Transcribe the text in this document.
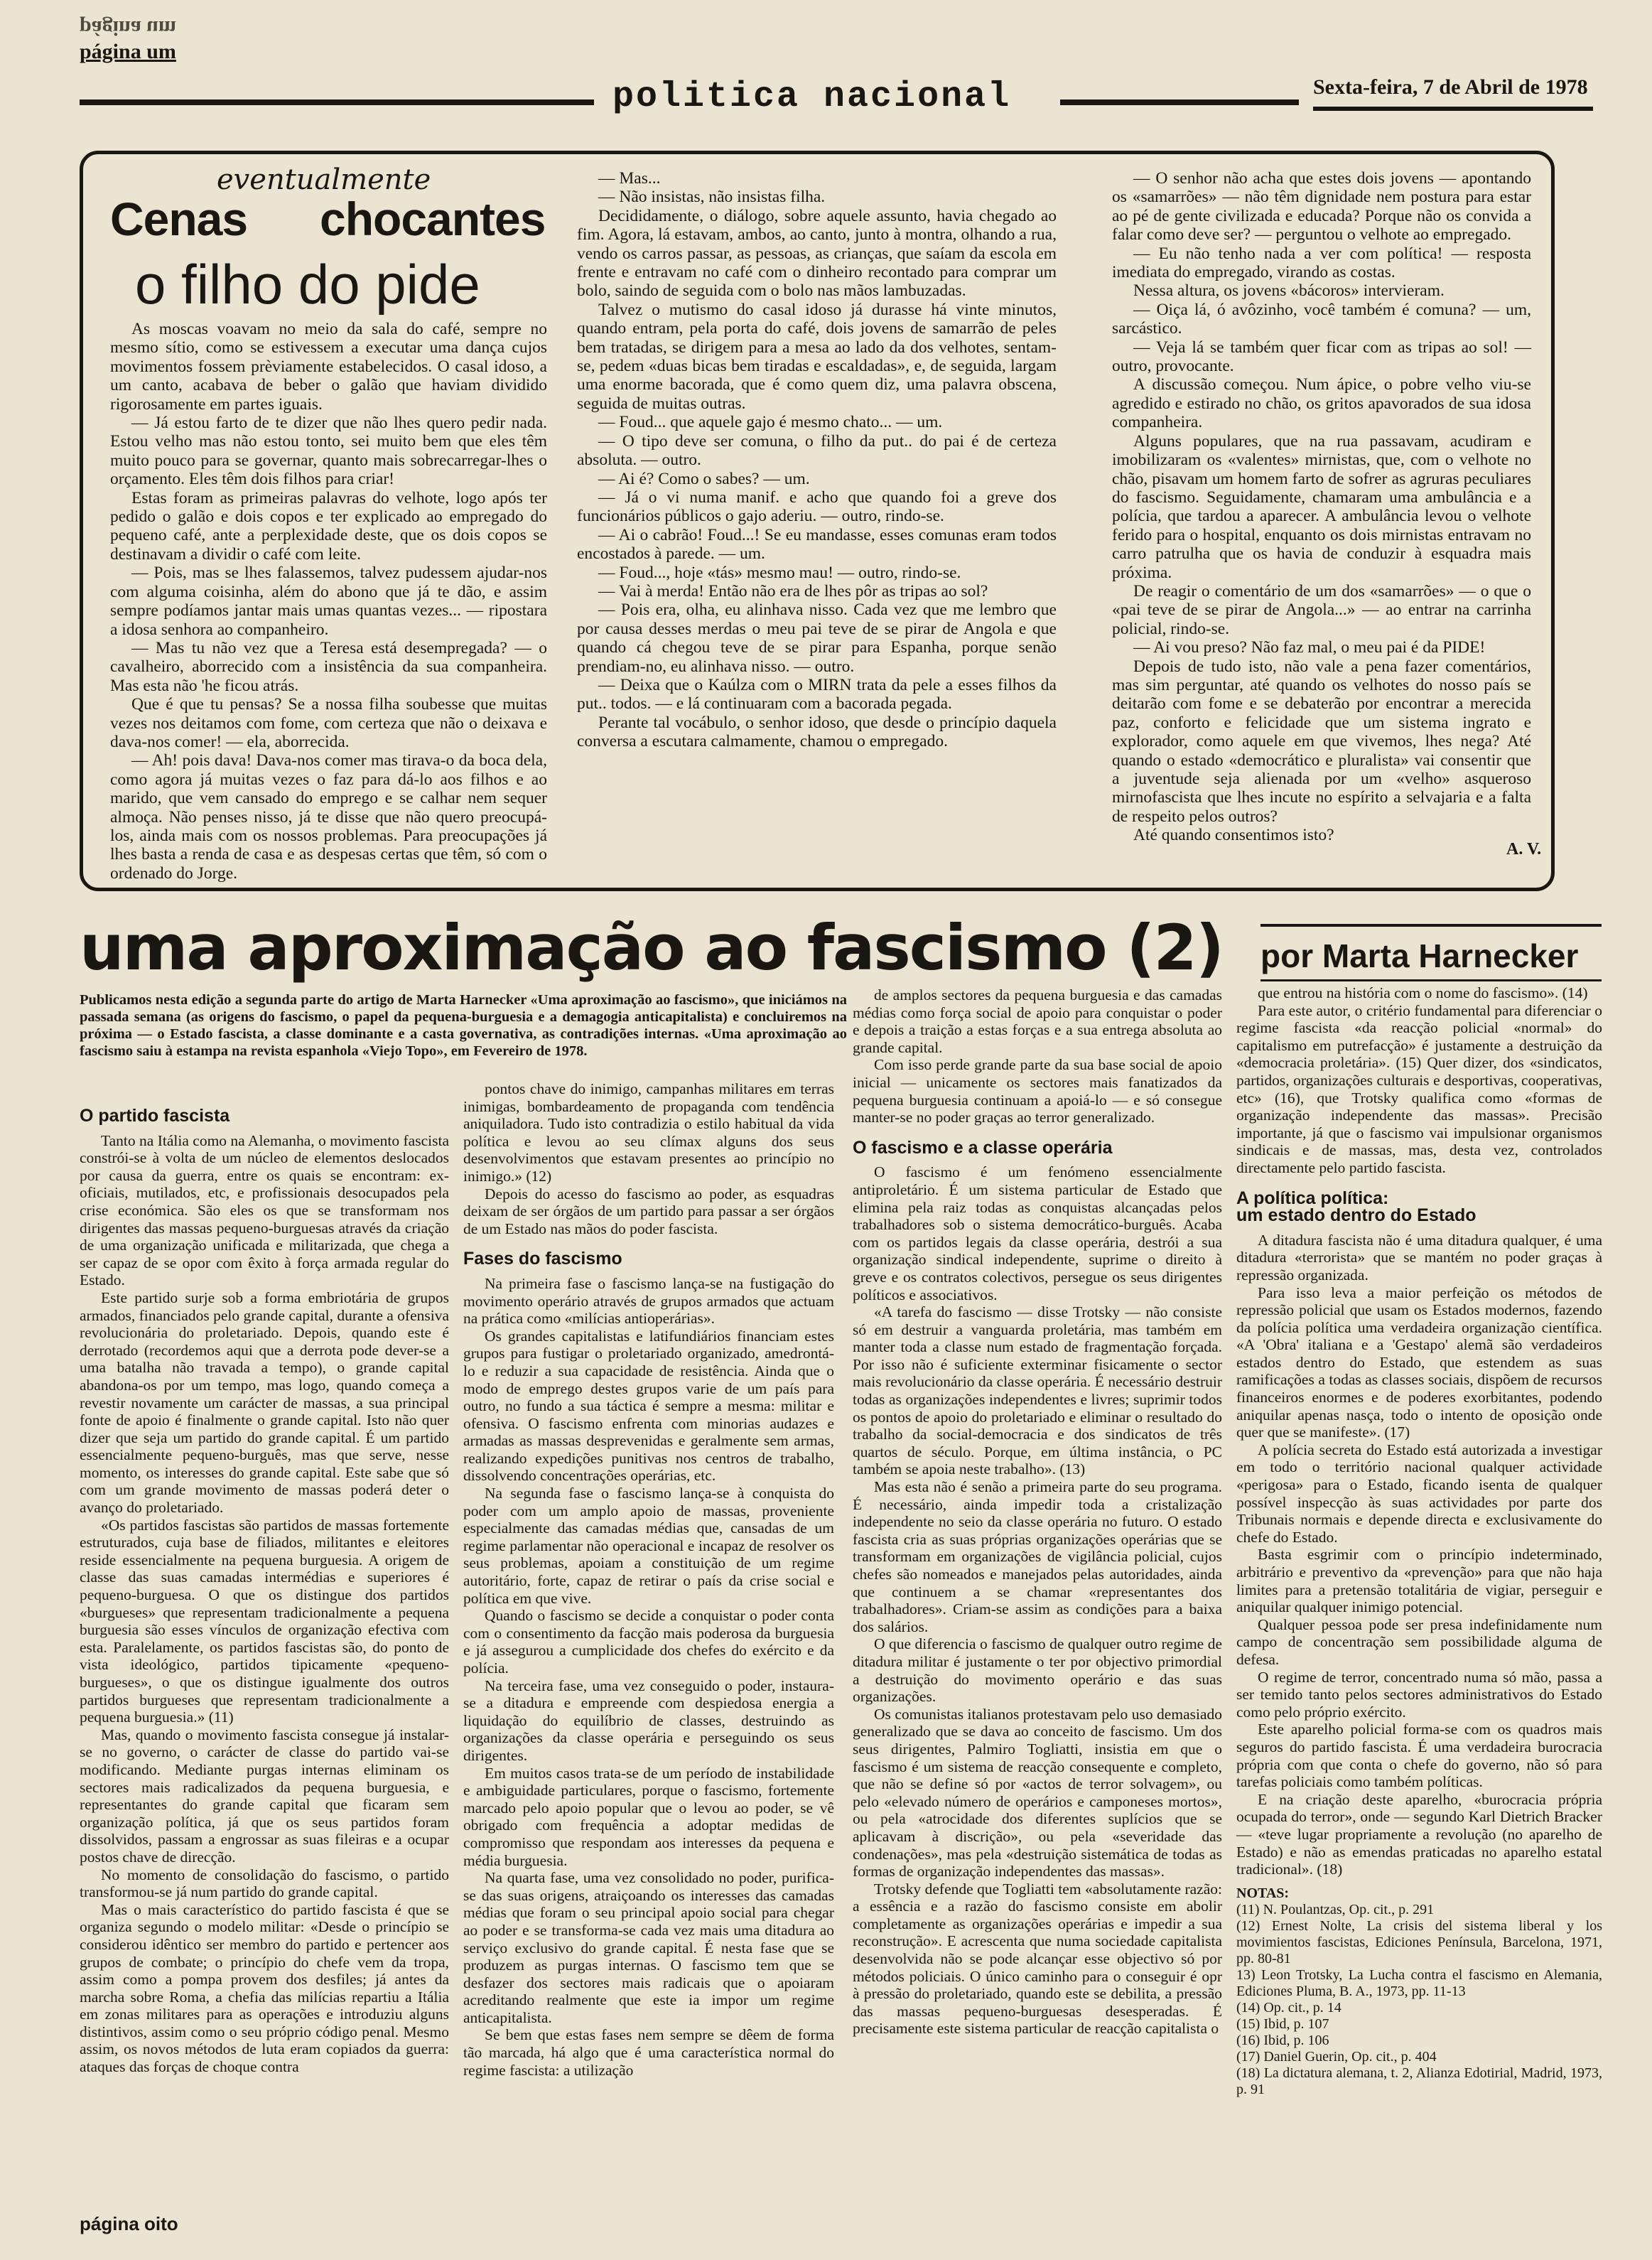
página um
página um
politica nacional	Sexta-feira, 7 de Abril de 1978
eventualmente
Cenas chocantes
o filho do pide

As moscas voavam no meio da sala do café, sempre no mesmo sítio, como se estivessem a executar uma dança cujos movimentos fossem prèviamente estabelecidos. O casal idoso, a um canto, acabava de beber o galão que haviam dividido rigorosamente em partes iguais.

— Já estou farto de te dizer que não lhes quero pedir nada. Estou velho mas não estou tonto, sei muito bem que eles têm muito pouco para se governar, quanto mais sobrecarregar-lhes o orçamento. Eles têm dois filhos para criar!

Estas foram as primeiras palavras do velhote, logo após ter pedido o galão e dois copos e ter explicado ao empregado do pequeno café, ante a perplexidade deste, que os dois copos se destinavam a dividir o café com leite.

— Pois, mas se lhes falassemos, talvez pudessem ajudar-nos com alguma coisinha, além do abono que já te dão, e assim sempre podíamos jantar mais umas quantas vezes... — ripostara a idosa senhora ao companheiro.

— Mas tu não vez que a Teresa está desempregada? — o cavalheiro, aborrecido com a insistência da sua companheira. Mas esta não 'he ficou atrás.

Que é que tu pensas? Se a nossa filha soubesse que muitas vezes nos deitamos com fome, com certeza que não o deixava e dava-nos comer! — ela, aborrecida.

— Ah! pois dava! Dava-nos comer mas tirava-o da boca dela, como agora já muitas vezes o faz para dá-lo aos filhos e ao marido, que vem cansado do emprego e se calhar nem sequer almoça. Não penses nisso, já te disse que não quero preocupá-los, ainda mais com os nossos problemas. Para preocupações já lhes basta a renda de casa e as despesas certas que têm, só com o ordenado do Jorge.

— Mas...

— Não insistas, não insistas filha.

Decididamente, o diálogo, sobre aquele assunto, havia chegado ao fim. Agora, lá estavam, ambos, ao canto, junto à montra, olhando a rua, vendo os carros passar, as pessoas, as crianças, que saíam da escola em frente e entravam no café com o dinheiro recontado para comprar um bolo, saindo de seguida com o bolo nas mãos lambuzadas.

Talvez o mutismo do casal idoso já durasse há vinte minutos, quando entram, pela porta do café, dois jovens de samarrão de peles bem tratadas, se dirigem para a mesa ao lado da dos velhotes, sentam-se, pedem «duas bicas bem tiradas e escaldadas», e, de seguida, largam uma enorme bacorada, que é como quem diz, uma palavra obscena, seguida de muitas outras.

— Foud... que aquele gajo é mesmo chato... — um.

— O tipo deve ser comuna, o filho da put.. do pai é de certeza absoluta. — outro.

— Ai é? Como o sabes? — um.

— Já o vi numa manif. e acho que quando foi a greve dos funcionários públicos o gajo aderiu. — outro, rindo-se.

— Ai o cabrão! Foud...! Se eu mandasse, esses comunas eram todos encostados à parede. — um.

— Foud..., hoje «tás» mesmo mau! — outro, rindo-se.

— Vai à merda! Então não era de lhes pôr as tripas ao sol?

— Pois era, olha, eu alinhava nisso. Cada vez que me lembro que por causa desses merdas o meu pai teve de se pirar de Angola e que quando cá chegou teve de se pirar para Espanha, porque senão prendiam-no, eu alinhava nisso. — outro.

— Deixa que o Kaúlza com o MIRN trata da pele a esses filhos da put.. todos. — e lá continuaram com a bacorada pegada.

Perante tal vocábulo, o senhor idoso, que desde o princípio daquela conversa a escutara calmamente, chamou o empregado.

— O senhor não acha que estes dois jovens — apontando os «samarrões» — não têm dignidade nem postura para estar ao pé de gente civilizada e educada? Porque não os convida a falar como deve ser? — perguntou o velhote ao empregado.

— Eu não tenho nada a ver com política! — resposta imediata do empregado, virando as costas.

Nessa altura, os jovens «bácoros» intervieram.

— Oiça lá, ó avôzinho, você também é comuna? — um, sarcástico.

— Veja lá se também quer ficar com as tripas ao sol! — outro, provocante.

A discussão começou. Num ápice, o pobre velho viu-se agredido e estirado no chão, os gritos apavorados de sua idosa companheira.

Alguns populares, que na rua passavam, acudiram e imobilizaram os «valentes» mirnistas, que, com o velhote no chão, pisavam um homem farto de sofrer as agruras peculiares do fascismo. Seguidamente, chamaram uma ambulância e a polícia, que tardou a aparecer. A ambulância levou o velhote ferido para o hospital, enquanto os dois mirnistas entravam no carro patrulha que os havia de conduzir à esquadra mais próxima.

De reagir o comentário de um dos «samarrões» — o que o «pai teve de se pirar de Angola...» — ao entrar na carrinha policial, rindo-se.

— Ai vou preso? Não faz mal, o meu pai é da PIDE!

Depois de tudo isto, não vale a pena fazer comentários, mas sim perguntar, até quando os velhotes do nosso país se deitarão com fome e se debaterão por encontrar a merecida paz, conforto e felicidade que um sistema ingrato e explorador, como aquele em que vivemos, lhes nega? Até quando o estado «democrático e pluralista» vai consentir que a juventude seja alienada por um «velho» asqueroso mirnofascista que lhes incute no espírito a selvajaria e a falta de respeito pelos outros?

Até quando consentimos isto?

A. V.
uma aproximação ao fascismo (2) por Marta Harnecker
Publicamos nesta edição a segunda parte do artigo de Marta Harnecker «Uma aproximação ao fascismo», que iniciámos na passada semana (as origens do fascismo, o papel da pequena-burguesia e a demagogia anticapitalista) e concluiremos na próxima — o Estado fascista, a classe dominante e a casta governativa, as contradições internas. «Uma aproximação ao fascismo saiu à estampa na revista espanhola «Viejo Topo», em Fevereiro de 1978.
O partido fascista

Tanto na Itália como na Alemanha, o movimento fascista constrói-se à volta de um núcleo de elementos deslocados por causa da guerra, entre os quais se encontram: ex-oficiais, mutilados, etc, e profissionais desocupados pela crise económica. São eles os que se transformam nos dirigentes das massas pequeno-burguesas através da criação de uma organização unificada e militarizada, que chega a ser capaz de se opor com êxito à força armada regular do Estado.

Este partido surje sob a forma embriotária de grupos armados, financiados pelo grande capital, durante a ofensiva revolucionária do proletariado. Depois, quando este é derrotado (recordemos aqui que a derrota pode dever-se a uma batalha não travada a tempo), o grande capital abandona-os por um tempo, mas logo, quando começa a revestir novamente um carácter de massas, a sua principal fonte de apoio é finalmente o grande capital. Isto não quer dizer que seja um partido do grande capital. É um partido essencialmente pequeno-burguês, mas que serve, nesse momento, os interesses do grande capital. Este sabe que só com um grande movimento de massas poderá deter o avanço do proletariado.

«Os partidos fascistas são partidos de massas fortemente estruturados, cuja base de filiados, militantes e eleitores reside essencialmente na pequena burguesia. A origem de classe das suas camadas intermédias e superiores é pequeno-burguesa. O que os distingue dos partidos «burgueses» que representam tradicionalmente a pequena burguesia são esses vínculos de organização efectiva com esta. Paralelamente, os partidos fascistas são, do ponto de vista ideológico, partidos tipicamente «pequeno-burgueses», o que os distingue igualmente dos outros partidos burgueses que representam tradicionalmente a pequena burguesia.» (11)

Mas, quando o movimento fascista consegue já instalar-se no governo, o carácter de classe do partido vai-se modificando. Mediante purgas internas eliminam os sectores mais radicalizados da pequena burguesia, e representantes do grande capital que ficaram sem organização política, já que os seus partidos foram dissolvidos, passam a engrossar as suas fileiras e a ocupar postos chave de direcção.

No momento de consolidação do fascismo, o partido transformou-se já num partido do grande capital.

Mas o mais característico do partido fascista é que se organiza segundo o modelo militar: «Desde o princípio se considerou idêntico ser membro do partido e pertencer aos grupos de combate; o princípio do chefe vem da tropa, assim como a pompa provem dos desfiles; já antes da marcha sobre Roma, a chefia das milícias repartiu a Itália em zonas militares para as operações e introduziu alguns distintivos, assim como o seu próprio código penal. Mesmo assim, os novos métodos de luta eram copiados da guerra: ataques das forças de choque contra

pontos chave do inimigo, campanhas militares em terras inimigas, bombardeamento de propaganda com tendência aniquiladora. Tudo isto contradizia o estilo habitual da vida política e levou ao seu clímax alguns dos seus desenvolvimentos que estavam presentes ao princípio no inimigo.» (12)

Depois do acesso do fascismo ao poder, as esquadras deixam de ser órgãos de um partido para passar a ser órgãos de um Estado nas mãos do poder fascista.

Fases do fascismo

Na primeira fase o fascismo lança-se na fustigação do movimento operário através de grupos armados que actuam na prática como «milícias antioperárias».

Os grandes capitalistas e latifundiários financiam estes grupos para fustigar o proletariado organizado, amedrontá-lo e reduzir a sua capacidade de resistência. Ainda que o modo de emprego destes grupos varie de um país para outro, no fundo a sua táctica é sempre a mesma: militar e ofensiva. O fascismo enfrenta com minorias audazes e armadas as massas desprevenidas e geralmente sem armas, realizando expedições punitivas nos centros de trabalho, dissolvendo concentrações operárias, etc.

Na segunda fase o fascismo lança-se à conquista do poder com um amplo apoio de massas, proveniente especialmente das camadas médias que, cansadas de um regime parlamentar não operacional e incapaz de resolver os seus problemas, apoiam a constituição de um regime autoritário, forte, capaz de retirar o país da crise social e política em que vive.

Quando o fascismo se decide a conquistar o poder conta com o consentimento da facção mais poderosa da burguesia e já assegurou a cumplicidade dos chefes do exército e da polícia.

Na terceira fase, uma vez conseguido o poder, instaura-se a ditadura e empreende com despiedosa energia a liquidação do equilíbrio de classes, destruindo as organizações da classe operária e perseguindo os seus dirigentes.

Em muitos casos trata-se de um período de instabilidade e ambiguidade particulares, porque o fascismo, fortemente marcado pelo apoio popular que o levou ao poder, se vê obrigado com frequência a adoptar medidas de compromisso que respondam aos interesses da pequena e média burguesia.

Na quarta fase, uma vez consolidado no poder, purifica-se das suas origens, atraiçoando os interesses das camadas médias que foram o seu principal apoio social para chegar ao poder e se transforma-se cada vez mais uma ditadura ao serviço exclusivo do grande capital. É nesta fase que se produzem as purgas internas. O fascismo tem que se desfazer dos sectores mais radicais que o apoiaram acreditando realmente que este ia impor um regime anticapitalista.

Se bem que estas fases nem sempre se dêem de forma tão marcada, há algo que é uma característica normal do regime fascista: a utilização

de amplos sectores da pequena burguesia e das camadas médias como força social de apoio para conquistar o poder e depois a traição a estas forças e a sua entrega absoluta ao grande capital.

Com isso perde grande parte da sua base social de apoio inicial — unicamente os sectores mais fanatizados da pequena burguesia continuam a apoiá-lo — e só consegue manter-se no poder graças ao terror generalizado.

O fascismo e a classe operária

O fascismo é um fenómeno essencialmente antiproletário. É um sistema particular de Estado que elimina pela raiz todas as conquistas alcançadas pelos trabalhadores sob o sistema democrático-burguês. Acaba com os partidos legais da classe operária, destrói a sua organização sindical independente, suprime o direito à greve e os contratos colectivos, persegue os seus dirigentes políticos e associativos.

«A tarefa do fascismo — disse Trotsky — não consiste só em destruir a vanguarda proletária, mas também em manter toda a classe num estado de fragmentação forçada. Por isso não é suficiente exterminar fisicamente o sector mais revolucionário da classe operária. É necessário destruir todas as organizações independentes e livres; suprimir todos os pontos de apoio do proletariado e eliminar o resultado do trabalho da social-democracia e dos sindicatos de três quartos de século. Porque, em última instância, o PC também se apoia neste trabalho». (13)

Mas esta não é senão a primeira parte do seu programa. É necessário, ainda impedir toda a cristalização independente no seio da classe operária no futuro. O estado fascista cria as suas próprias organizações operárias que se transformam em organizações de vigilância policial, cujos chefes são nomeados e manejados pelas autoridades, ainda que continuem a se chamar «representantes dos trabalhadores». Criam-se assim as condições para a baixa dos salários.

O que diferencia o fascismo de qualquer outro regime de ditadura militar é justamente o ter por objectivo primordial a destruição do movimento operário e das suas organizações.

Os comunistas italianos protestavam pelo uso demasiado generalizado que se dava ao conceito de fascismo. Um dos seus dirigentes, Palmiro Togliatti, insistia em que o fascismo é um sistema de reacção consequente e completo, que não se define só por «actos de terror solvagem», ou pelo «elevado número de operários e camponeses mortos», ou pela «atrocidade dos diferentes suplícios que se aplicavam à discrição», ou pela «severidade das condenações», mas pela «destruição sistemática de todas as formas de organização independentes das massas».

Trotsky defende que Togliatti tem «absolutamente razão: a essência e a razão do fascismo consiste em abolir completamente as organizações operárias e impedir a sua reconstrução». E acrescenta que numa sociedade capitalista desenvolvida não se pode alcançar esse objectivo só por métodos policiais. O único caminho para o conseguir é opr à pressão do proletariado, quando este se debilita, a pressão das massas pequeno-burguesas desesperadas. É precisamente este sistema particular de reacção capitalista o

que entrou na história com o nome do fascismo». (14)

Para este autor, o critério fundamental para diferenciar o regime fascista «da reacção policial «normal» do capitalismo em putrefacção» é justamente a destruição da «democracia proletária». (15) Quer dizer, dos «sindicatos, partidos, organizações culturais e desportivas, cooperativas, etc» (16), que Trotsky qualifica como «formas de organização independente das massas». Precisão importante, já que o fascismo vai impulsionar organismos sindicais e de massas, mas, desta vez, controlados directamente pelo partido fascista.

A política política:
um estado dentro do Estado

A ditadura fascista não é uma ditadura qualquer, é uma ditadura «terrorista» que se mantém no poder graças à repressão organizada.

Para isso leva a maior perfeição os métodos de repressão policial que usam os Estados modernos, fazendo da polícia política uma verdadeira organização científica. «A 'Obra' italiana e a 'Gestapo' alemã são verdadeiros estados dentro do Estado, que estendem as suas ramificações a todas as classes sociais, dispõem de recursos financeiros enormes e de poderes exorbitantes, podendo aniquilar apenas nasça, todo o intento de oposição onde quer que se manifeste». (17)

A polícia secreta do Estado está autorizada a investigar em todo o território nacional qualquer actividade «perigosa» para o Estado, ficando isenta de qualquer possível inspecção às suas actividades por parte dos Tribunais normais e depende directa e exclusivamente do chefe do Estado.

Basta esgrimir com o princípio indeterminado, arbitrário e preventivo da «prevenção» para que não haja limites para a pretensão totalitária de vigiar, perseguir e aniquilar qualquer inimigo potencial.

Qualquer pessoa pode ser presa indefinidamente num campo de concentração sem possibilidade alguma de defesa.

O regime de terror, concentrado numa só mão, passa a ser temido tanto pelos sectores administrativos do Estado como pelo próprio exército.

Este aparelho policial forma-se com os quadros mais seguros do partido fascista. É uma verdadeira burocracia própria com que conta o chefe do governo, não só para tarefas policiais como também políticas.

E na criação deste aparelho, «burocracia própria ocupada do terror», onde — segundo Karl Dietrich Bracker — «teve lugar propriamente a revolução (no aparelho de Estado) e não as emendas praticadas no aparelho estatal tradicional». (18)

NOTAS:
(11) N. Poulantzas, Op. cit., p. 291
(12) Ernest Nolte, La crisis del sistema liberal y los movimientos fascistas, Ediciones Península, Barcelona, 1971, pp. 80-81
13) Leon Trotsky, La Lucha contra el fascismo en Alemania, Ediciones Pluma, B. A., 1973, pp. 11-13
(14) Op. cit., p. 14
(15) Ibid, p. 107
(16) Ibid, p. 106
(17) Daniel Guerin, Op. cit., p. 404
(18) La dictatura alemana, t. 2, Alianza Edotirial, Madrid, 1973, p. 91
página oito
